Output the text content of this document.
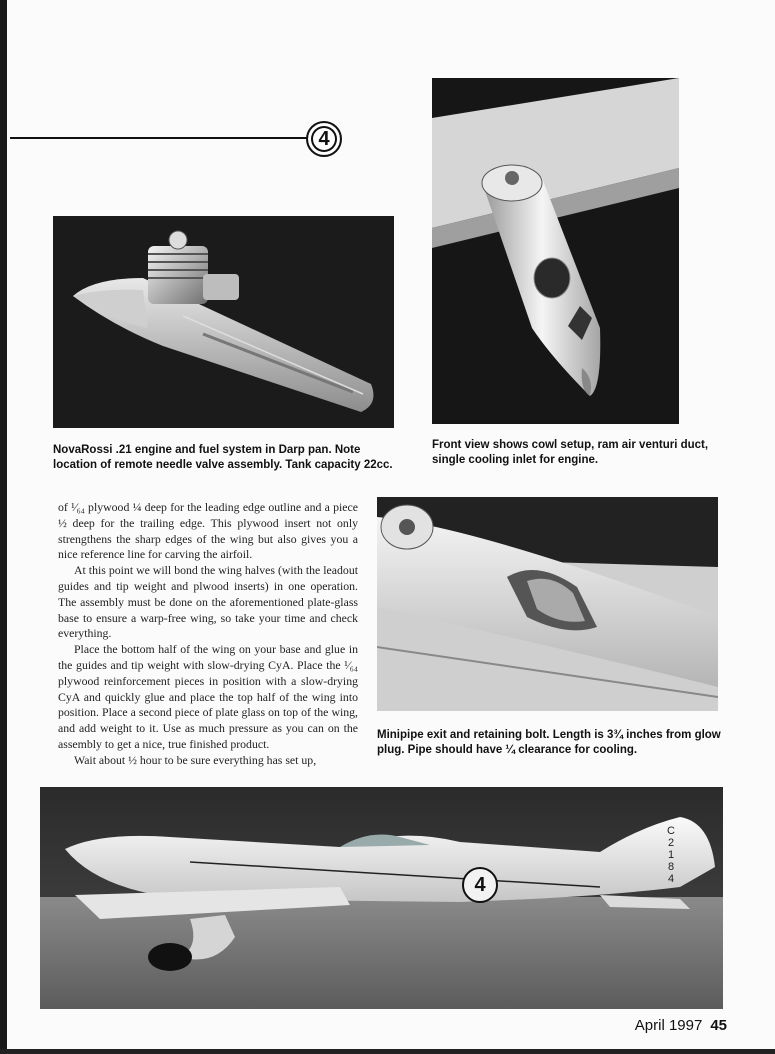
4

NovaRossi .21 engine and fuel system in Darp pan. Note location of remote needle valve assembly. Tank capacity 22cc.

Front view shows cowl setup, ram air venturi duct, single cooling inlet for engine.

of ¹⁄₆₄ plywood ¼ deep for the leading edge outline and a piece ½ deep for the trailing edge. This plywood insert not only strengthens the sharp edges of the wing but also gives you a nice reference line for carving the airfoil.

At this point we will bond the wing halves (with the leadout guides and tip weight and plwood inserts) in one operation. The assembly must be done on the aforementioned plate-glass base to ensure a warp-free wing, so take your time and check everything.

Place the bottom half of the wing on your base and glue in the guides and tip weight with slow-drying CyA. Place the ¹⁄₆₄ plywood reinforcement pieces in position with a slow-drying CyA and quickly glue and place the top half of the wing into position. Place a second piece of plate glass on top of the wing, and add weight to it. Use as much pressure as you can on the assembly to get a nice, true finished product.

Wait about ½ hour to be sure everything has set up,

Minipipe exit and retaining bolt. Length is 3¾ inches from glow plug. Pipe should have ¼ clearance for cooling.

4
C 2184
April 1997 45
